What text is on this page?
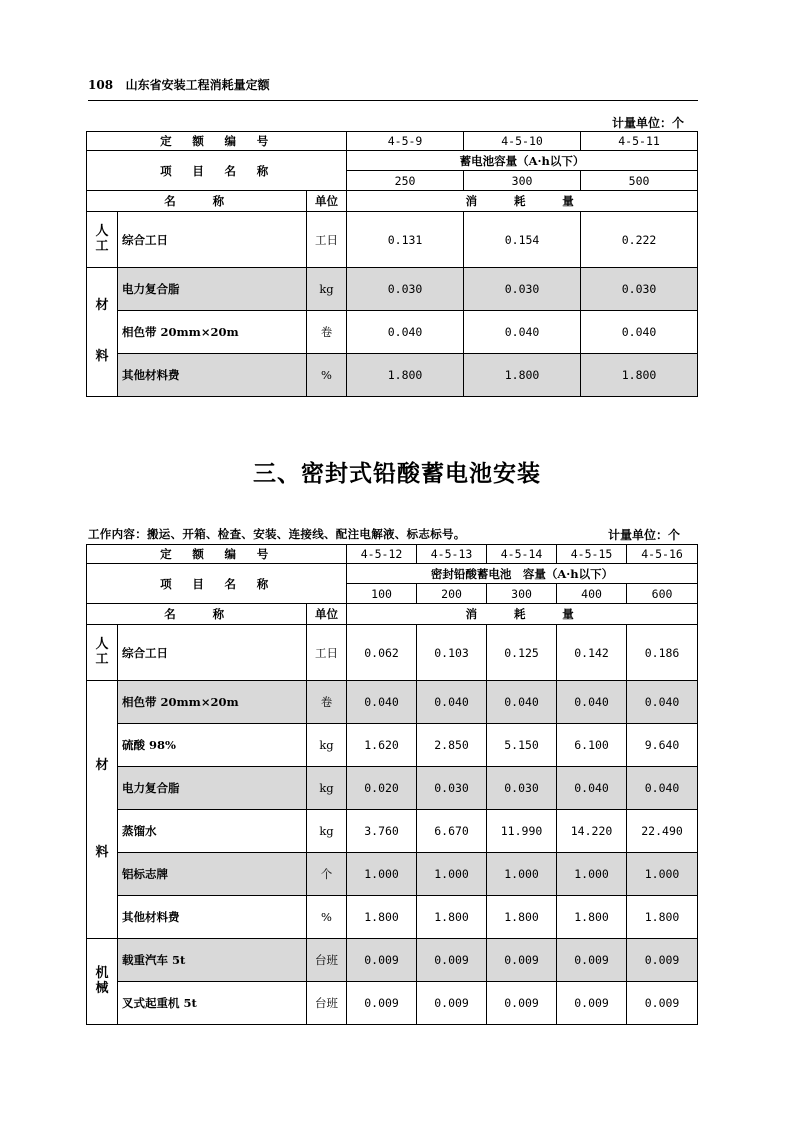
108 山东省安装工程消耗量定额
计量单位：个
定　额　编　号			4-5-9	4-5-10	4-5-11
项　目　名　称			蓄电池容量（A·h以下）		
			250	300	500
名　　称		单位	消　　耗　　量		

人
工	综合工日	工日	0.131	0.154	0.222

材
料	电力复合脂	kg	0.030	0.030	0.030
	相色带 20mm×20m	卷	0.040	0.040	0.040
	其他材料费	%	1.800	1.800	1.800
三、密封式铅酸蓄电池安装
工作内容：搬运、开箱、检查、安装、连接线、配注电解液、标志标号。	计量单位：个
定　额　编　号			4-5-12	4-5-13	4-5-14	4-5-15	4-5-16
项　目　名　称			密封铅酸蓄电池　容量（A·h以下）				
			100	200	300	400	600
名　　称		单位	消　　耗　　量				

人
工	综合工日	工日	0.062	0.103	0.125	0.142	0.186

材
料	相色带 20mm×20m	卷	0.040	0.040	0.040	0.040	0.040
	硫酸 98%	kg	1.620	2.850	5.150	6.100	9.640
	电力复合脂	kg	0.020	0.030	0.030	0.040	0.040
	蒸馏水	kg	3.760	6.670	11.990	14.220	22.490
	铝标志牌	个	1.000	1.000	1.000	1.000	1.000
	其他材料费	%	1.800	1.800	1.800	1.800	1.800

机
械	载重汽车 5t	台班	0.009	0.009	0.009	0.009	0.009
	叉式起重机 5t	台班	0.009	0.009	0.009	0.009	0.009
